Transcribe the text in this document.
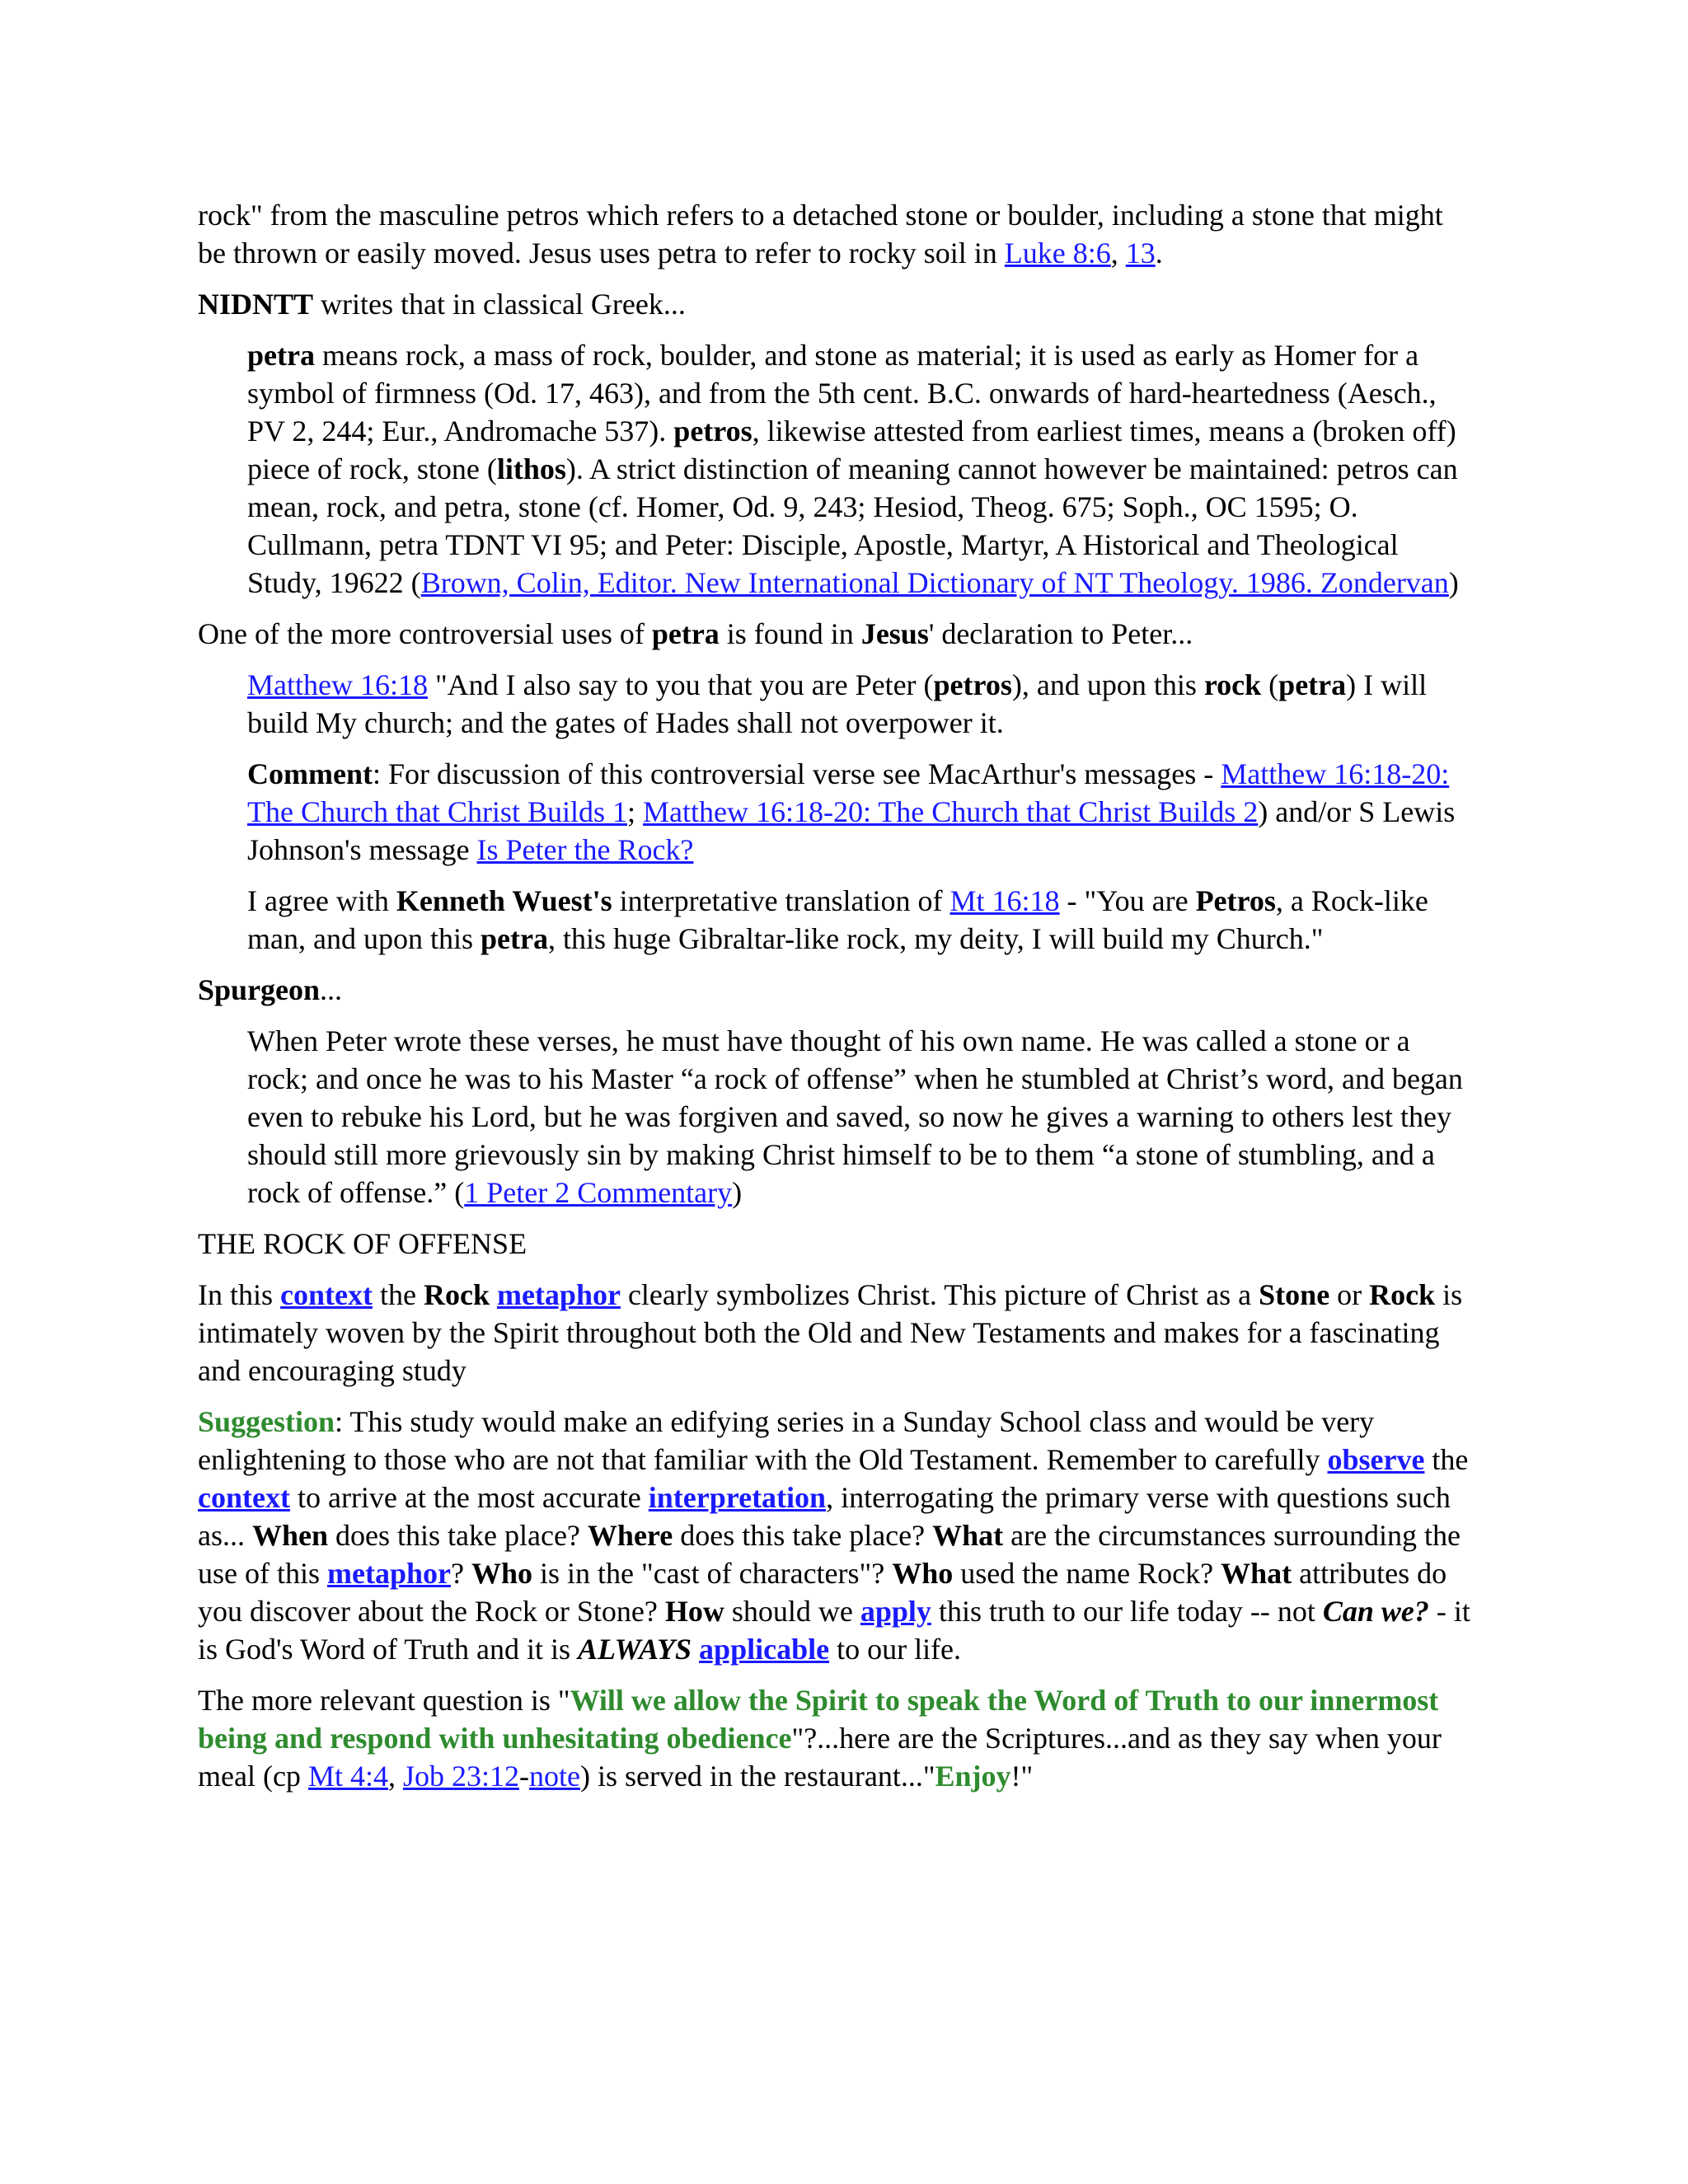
rock" from the masculine petros which refers to a detached stone or boulder, including a stone that might be thrown or easily moved. Jesus uses petra to refer to rocky soil in Luke 8:6, 13.

NIDNTT writes that in classical Greek...

petra means rock, a mass of rock, boulder, and stone as material; it is used as early as Homer for a symbol of firmness (Od. 17, 463), and from the 5th cent. B.C. onwards of hard-heartedness (Aesch., PV 2, 244; Eur., Andromache 537). petros, likewise attested from earliest times, means a (broken off) piece of rock, stone (lithos). A strict distinction of meaning cannot however be maintained: petros can mean, rock, and petra, stone (cf. Homer, Od. 9, 243; Hesiod, Theog. 675; Soph., OC 1595; O. Cullmann, petra TDNT VI 95; and Peter: Disciple, Apostle, Martyr, A Historical and Theological Study, 19622 (Brown, Colin, Editor. New International Dictionary of NT Theology. 1986. Zondervan)

One of the more controversial uses of petra is found in Jesus' declaration to Peter...

Matthew 16:18 "And I also say to you that you are Peter (petros), and upon this rock (petra) I will build My church; and the gates of Hades shall not overpower it.

Comment: For discussion of this controversial verse see MacArthur's messages - Matthew 16:18-20: The Church that Christ Builds 1; Matthew 16:18-20: The Church that Christ Builds 2) and/or S Lewis Johnson's message Is Peter the Rock?

I agree with Kenneth Wuest's interpretative translation of Mt 16:18 - "You are Petros, a Rock-like man, and upon this petra, this huge Gibraltar-like rock, my deity, I will build my Church."

Spurgeon...

When Peter wrote these verses, he must have thought of his own name. He was called a stone or a rock; and once he was to his Master “a rock of offense” when he stumbled at Christ’s word, and began even to rebuke his Lord, but he was forgiven and saved, so now he gives a warning to others lest they should still more grievously sin by making Christ himself to be to them “a stone of stumbling, and a rock of offense.” (1 Peter 2 Commentary)

THE ROCK OF OFFENSE

In this context the Rock metaphor clearly symbolizes Christ. This picture of Christ as a Stone or Rock is intimately woven by the Spirit throughout both the Old and New Testaments and makes for a fascinating and encouraging study

Suggestion: This study would make an edifying series in a Sunday School class and would be very enlightening to those who are not that familiar with the Old Testament. Remember to carefully observe the context to arrive at the most accurate interpretation, interrogating the primary verse with questions such as... When does this take place? Where does this take place? What are the circumstances surrounding the use of this metaphor? Who is in the "cast of characters"? Who used the name Rock? What attributes do you discover about the Rock or Stone? How should we apply this truth to our life today -- not Can we? - it is God's Word of Truth and it is ALWAYS applicable to our life.

The more relevant question is "Will we allow the Spirit to speak the Word of Truth to our innermost being and respond with unhesitating obedience"?...here are the Scriptures...and as they say when your meal (cp Mt 4:4, Job 23:12-note) is served in the restaurant..."Enjoy!"
